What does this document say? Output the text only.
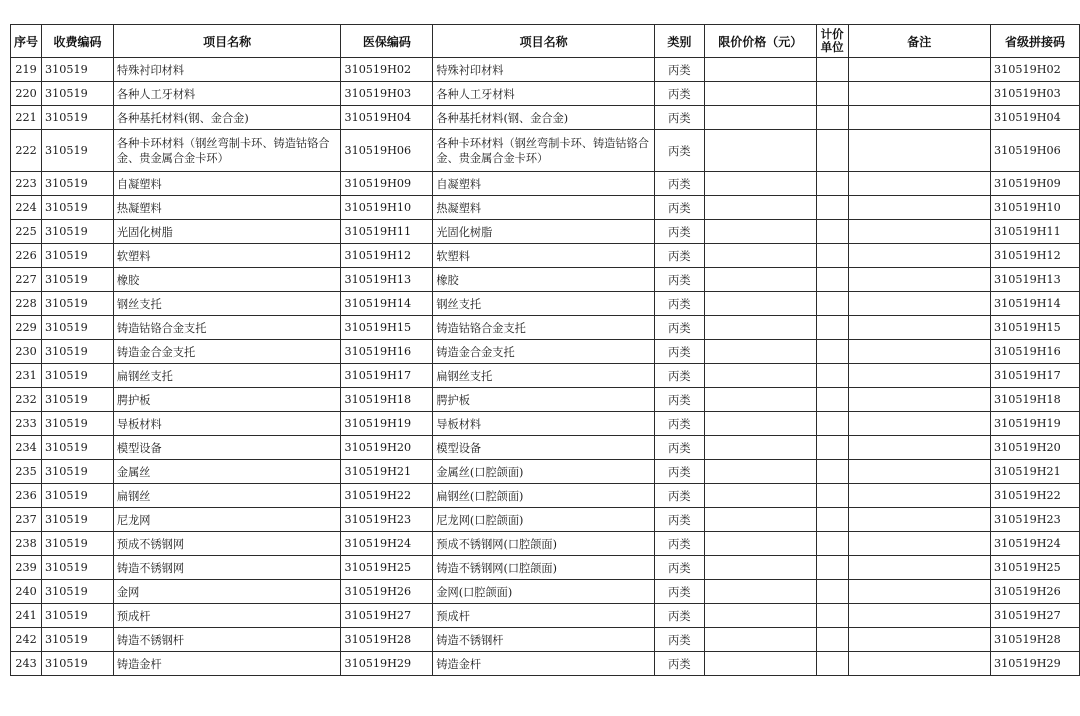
序号	收费编码	项目名称	医保编码	项目名称	类别	限价价格（元）	计价单位	备注	省级拼接码
219	310519	特殊衬印材料	310519H02	特殊衬印材料	丙类				310519H02
220	310519	各种人工牙材料	310519H03	各种人工牙材料	丙类				310519H03
221	310519	各种基托材料(钢、金合金)	310519H04	各种基托材料(钢、金合金)	丙类				310519H04
222	310519	各种卡环材料（钢丝弯制卡环、铸造钴铬合金、贵金属合金卡环）	310519H06	各种卡环材料（钢丝弯制卡环、铸造钴铬合金、贵金属合金卡环）	丙类				310519H06
223	310519	自凝塑料	310519H09	自凝塑料	丙类				310519H09
224	310519	热凝塑料	310519H10	热凝塑料	丙类				310519H10
225	310519	光固化树脂	310519H11	光固化树脂	丙类				310519H11
226	310519	软塑料	310519H12	软塑料	丙类				310519H12
227	310519	橡胶	310519H13	橡胶	丙类				310519H13
228	310519	钢丝支托	310519H14	钢丝支托	丙类				310519H14
229	310519	铸造钴铬合金支托	310519H15	铸造钴铬合金支托	丙类				310519H15
230	310519	铸造金合金支托	310519H16	铸造金合金支托	丙类				310519H16
231	310519	扁钢丝支托	310519H17	扁钢丝支托	丙类				310519H17
232	310519	腭护板	310519H18	腭护板	丙类				310519H18
233	310519	导板材料	310519H19	导板材料	丙类				310519H19
234	310519	模型设备	310519H20	模型设备	丙类				310519H20
235	310519	金属丝	310519H21	金属丝(口腔颌面)	丙类				310519H21
236	310519	扁钢丝	310519H22	扁钢丝(口腔颌面)	丙类				310519H22
237	310519	尼龙网	310519H23	尼龙网(口腔颌面)	丙类				310519H23
238	310519	预成不锈钢网	310519H24	预成不锈钢网(口腔颌面)	丙类				310519H24
239	310519	铸造不锈钢网	310519H25	铸造不锈钢网(口腔颌面)	丙类				310519H25
240	310519	金网	310519H26	金网(口腔颌面)	丙类				310519H26
241	310519	预成杆	310519H27	预成杆	丙类				310519H27
242	310519	铸造不锈钢杆	310519H28	铸造不锈钢杆	丙类				310519H28
243	310519	铸造金杆	310519H29	铸造金杆	丙类				310519H29
